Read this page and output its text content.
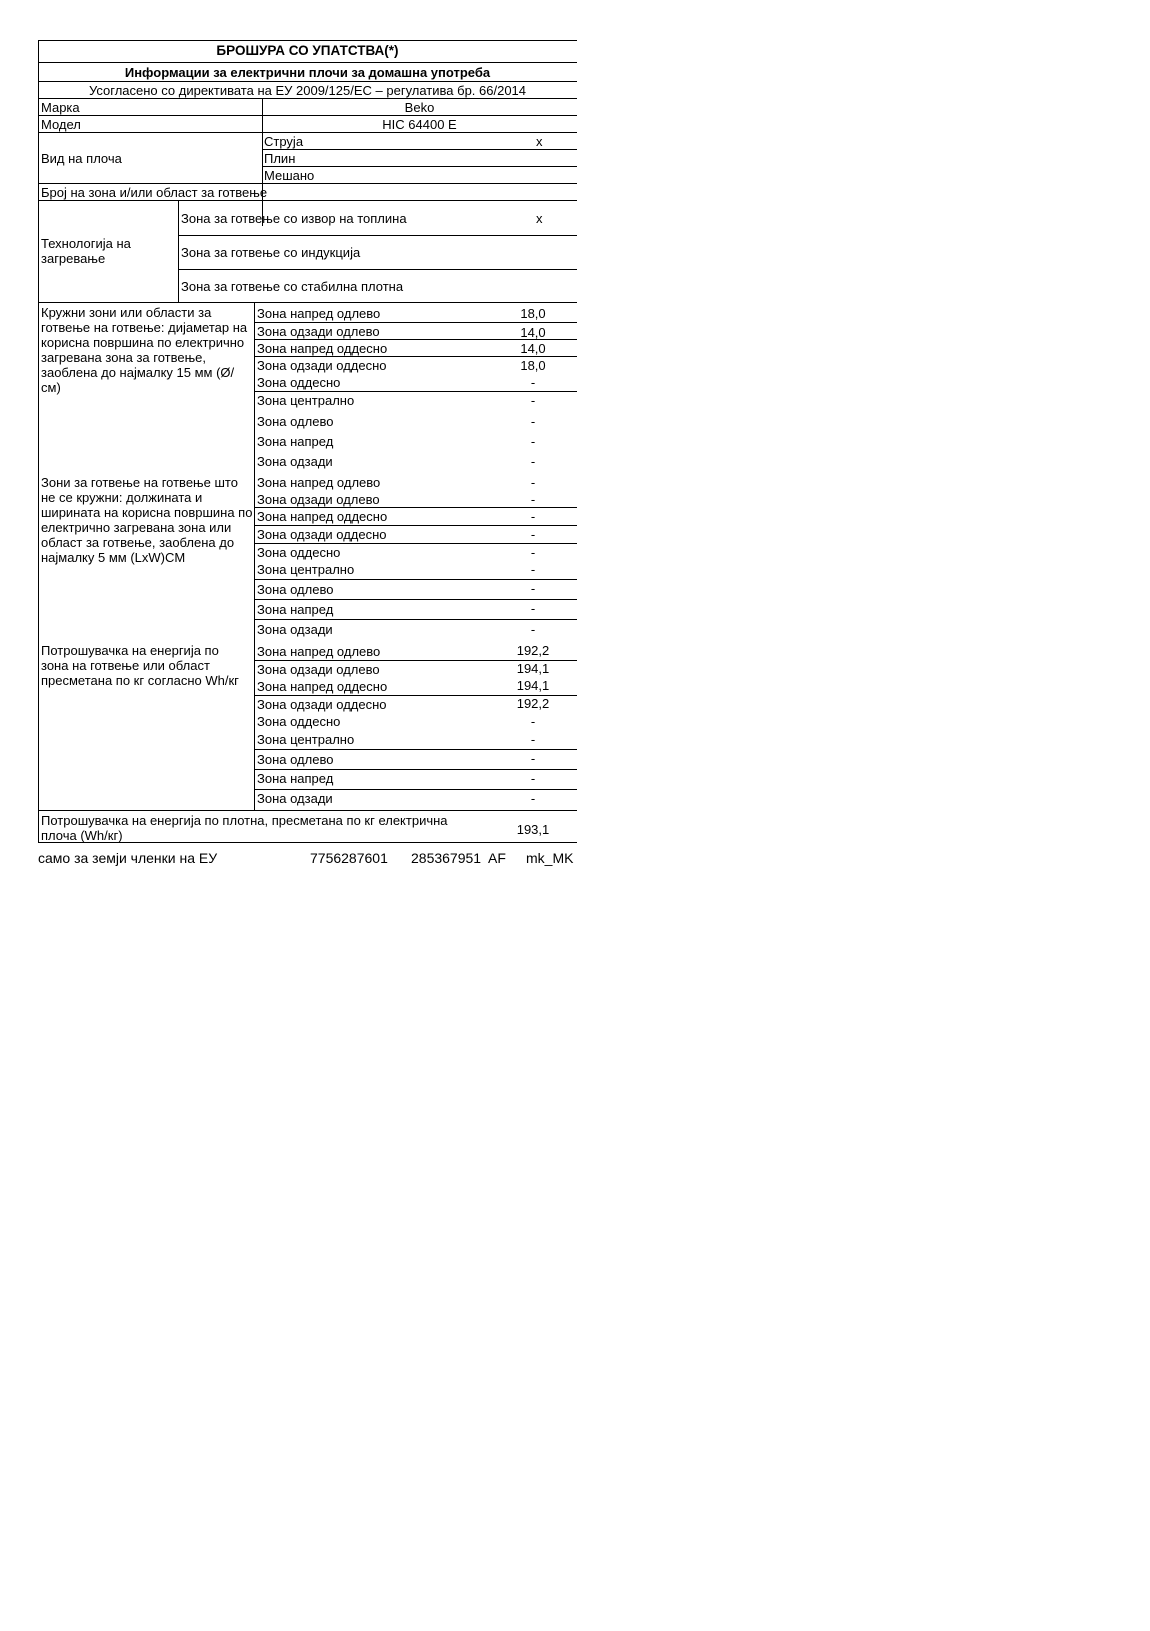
БРОШУРА СО УПАТСТВА(*)
Информации за електрични плочи за домашна употреба
Усогласено со директивата на ЕУ 2009/125/ЕС – регулатива бр. 66/2014
Марка	Beko
Модел	HIC 64400 E
Вид на плоча
Струја	x
Плин
Мешано
Број на зона и/или област за готвење
Технологија на загревање
Зона за готвење со извор на топлина	x
Зона за готвење со индукција
Зона за готвење со стабилна плотна
Кружни зони или области за готвење на готвење: дијаметар на корисна површина по електрично загревана зона за готвење, заоблена до најмалку 15 мм (Ø/см)
Зона напред одлево	18,0
Зона одзади одлево	14,0
Зона напред оддесно	14,0
Зона одзади оддесно	18,0
Зона оддесно	-
Зона централно	-
Зона одлево	-
Зона напред	-
Зона одзади	-
Зони за готвење на готвење што не се кружни: должината и ширината на корисна површина по електрично загревана зона или област за готвење, заоблена до најмалку 5 мм (LxW)CM
Зона напред одлево	-
Зона одзади одлево	-
Зона напред оддесно	-
Зона одзади оддесно	-
Зона оддесно	-
Зона централно	-
Зона одлево	-
Зона напред	-
Зона одзади	-
Потрошувачка на енергија по зона на готвење или област пресметана по кг согласно Wh/кг
Зона напред одлево	192,2
Зона одзади одлево	194,1
Зона напред оддесно	194,1
Зона одзади оддесно	192,2
Зона оддесно	-
Зона централно	-
Зона одлево	-
Зона напред	-
Зона одзади	-
Потрошувачка на енергија по плотна, пресметана по кг електрична плоча (Wh/кг)	193,1
само за земји членки на ЕУ	7756287601 285367951 AF mk_MK
